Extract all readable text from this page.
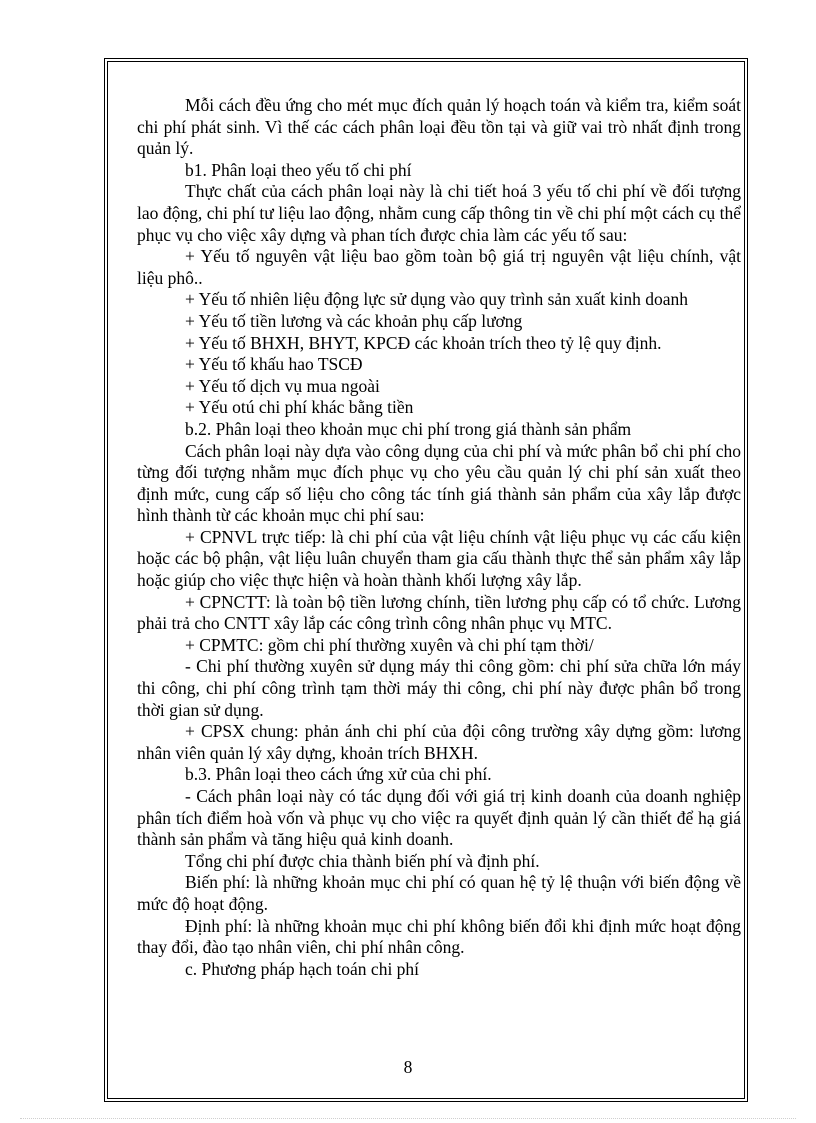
Mỗi cách đều ứng cho mét mục đích quản lý hoạch toán và kiểm tra, kiểm soát chi phí phát sinh. Vì thế các cách phân loại đều tồn tại và giữ vai trò nhất định trong quản lý.

b1. Phân loại theo yếu tố chi phí

Thực chất của cách phân loại này là chi tiết hoá 3 yếu tố chi phí về đối tượng lao động, chi phí tư liệu lao động, nhằm cung cấp thông tin về chi phí một cách cụ thể phục vụ cho việc xây dựng và phan tích được chia làm các yếu tố sau:

+ Yếu tố nguyên vật liệu bao gồm toàn bộ giá trị nguyên vật liệu chính, vật liệu phô..

+ Yếu tố nhiên liệu động lực sử dụng vào quy trình sản xuất kinh doanh

+ Yếu tố tiền lương và các khoản phụ cấp lương

+ Yếu tố BHXH, BHYT, KPCĐ các khoản trích theo tỷ lệ quy định.

+ Yếu tố khấu hao TSCĐ

+ Yếu tố dịch vụ mua ngoài

+ Yếu otú chi phí khác bằng tiền

b.2. Phân loại theo khoản mục chi phí trong giá thành sản phẩm

Cách phân loại này dựa vào công dụng của chi phí và mức phân bổ chi phí cho từng đối tượng nhằm mục đích phục vụ cho yêu cầu quản lý chi phí sản xuất theo định mức, cung cấp số liệu cho công tác tính giá thành sản phẩm của xây lắp được hình thành từ các khoản mục chi phí sau:

+ CPNVL trực tiếp: là chi phí của vật liệu chính vật liệu phục vụ các cấu kiện hoặc các bộ phận, vật liệu luân chuyển tham gia cấu thành thực thể sản phẩm xây lắp hoặc giúp cho việc thực hiện và hoàn thành khối lượng xây lắp.

+ CPNCTT: là toàn bộ tiền lương chính, tiền lương phụ cấp có tổ chức. Lương phải trả cho CNTT xây lắp các công trình công nhân phục vụ MTC.

+ CPMTC: gồm chi phí thường xuyên và chi phí tạm thời/

- Chi phí thường xuyên sử dụng máy thi công gồm: chi phí sửa chữa lớn máy thi công, chi phí công trình tạm thời máy thi công, chi phí này được phân bổ trong thời gian sử dụng.

+ CPSX chung: phản ánh chi phí của đội công trường xây dựng gồm: lương nhân viên quản lý xây dựng, khoản trích BHXH.

b.3. Phân loại theo cách ứng xử của chi phí.

- Cách phân loại này có tác dụng đối với giá trị kinh doanh của doanh nghiệp phân tích điểm hoà vốn và phục vụ cho việc ra quyết định quản lý cần thiết để hạ giá thành sản phẩm và tăng hiệu quả kinh doanh.

Tổng chi phí được chia thành biến phí và định phí.

Biến phí: là những khoản mục chi phí có quan hệ tỷ lệ thuận với biến động về mức độ hoạt động.

Định phí: là những khoản mục chi phí không biến đổi khi định mức hoạt động thay đổi, đào tạo nhân viên, chi phí nhân công.

c. Phương pháp hạch toán chi phí

8
